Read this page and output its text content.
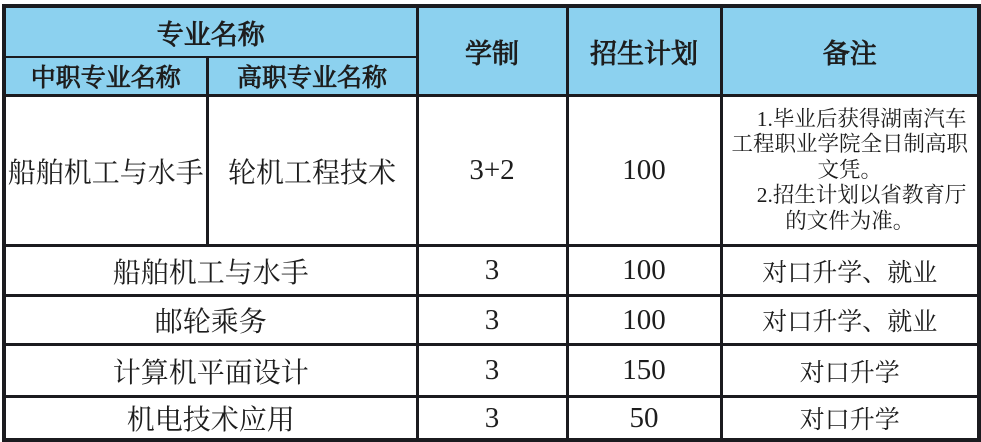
专业名称		学制	招生计划	备注
中职专业名称	高职专业名称			
船舶机工与水手	轮机工程技术	3+2	100	1.毕业后获得湖南汽车工程职业学院全日制高职文凭。

2.招生计划以省教育厅的文件为准。

船舶机工与水手		3	100	对口升学、就业
邮轮乘务		3	100	对口升学、就业
计算机平面设计		3	150	对口升学
机电技术应用		3	50	对口升学
